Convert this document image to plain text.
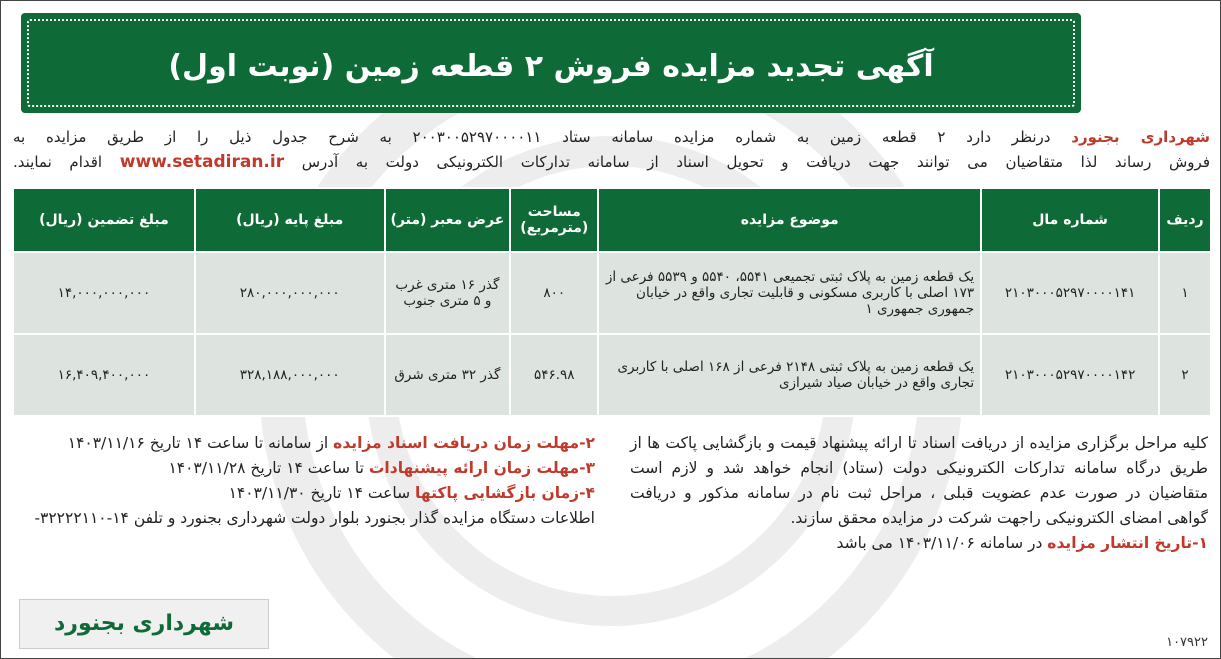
آگهی تجدید مزایده فروش ۲ قطعه زمین (نوبت اول)

شهرداری بجنورد درنظر دارد ۲ قطعه زمین به شماره مزایده سامانه ستاد ۲۰۰۳۰۰۵۲۹۷۰۰۰۰۱۱ به شرح جدول ذیل را از طریق مزایده به

فروش رساند لذا متقاضیان می توانند جهت دریافت و تحویل اسناد از سامانه تدارکات الکترونیکی دولت به آدرس www.setadiran.ir اقدام نمایند.

ردیف	شماره مال	موضوع مزایده	مساحت (مترمربع)	عرض معبر (متر)	مبلغ پایه (ریال)	مبلغ تضمین (ریال)
۱	۲۱۰۳۰۰۰۵۲۹۷۰۰۰۰۱۴۱	یک قطعه زمین به پلاک ثبتی تجمیعی ۵۵۴۱، ۵۵۴۰ و ۵۵۳۹ فرعی از ۱۷۳ اصلی با کاربری مسکونی و قابلیت تجاری واقع در خیابان جمهوری جمهوری ۱	۸۰۰	گذر ۱۶ متری غرب و ۵ متری جنوب	۲۸۰,۰۰۰,۰۰۰,۰۰۰	۱۴,۰۰۰,۰۰۰,۰۰۰
۲	۲۱۰۳۰۰۰۵۲۹۷۰۰۰۰۱۴۲	یک قطعه زمین به پلاک ثبتی ۲۱۴۸ فرعی از ۱۶۸ اصلی با کاربری تجاری واقع در خیابان صیاد شیرازی	۵۴۶.۹۸	گذر ۳۲ متری شرق	۳۲۸,۱۸۸,۰۰۰,۰۰۰	۱۶,۴۰۹,۴۰۰,۰۰۰
کلیه مراحل برگزاری مزایده از دریافت اسناد تا ارائه پیشنهاد قیمت و بازگشایی پاکت ها از طریق درگاه سامانه تدارکات الکترونیکی دولت (ستاد) انجام خواهد شد و لازم است متقاضیان در صورت عدم عضویت قبلی ، مراحل ثبت نام در سامانه مذکور و دریافت گواهی امضای الکترونیکی راجهت شرکت در مزایده محقق سازند.
۱-تاریخ انتشار مزایده در سامانه ۱۴۰۳/۱۱/۰۶ می باشد
۲-مهلت زمان دریافت اسناد مزایده از سامانه تا ساعت ۱۴ تاریخ ۱۴۰۳/۱۱/۱۶
۳-مهلت زمان ارائه پیشنهادات تا ساعت ۱۴ تاریخ ۱۴۰۳/۱۱/۲۸
۴-زمان بازگشایی پاکتها ساعت ۱۴ تاریخ ۱۴۰۳/۱۱/۳۰
اطلاعات دستگاه مزایده گذار بجنورد بلوار دولت شهرداری بجنورد و تلفن ۱۴-۳۲۲۲۲۱۱۰-
شهرداری بجنورد
۱۰۷۹۲۲
